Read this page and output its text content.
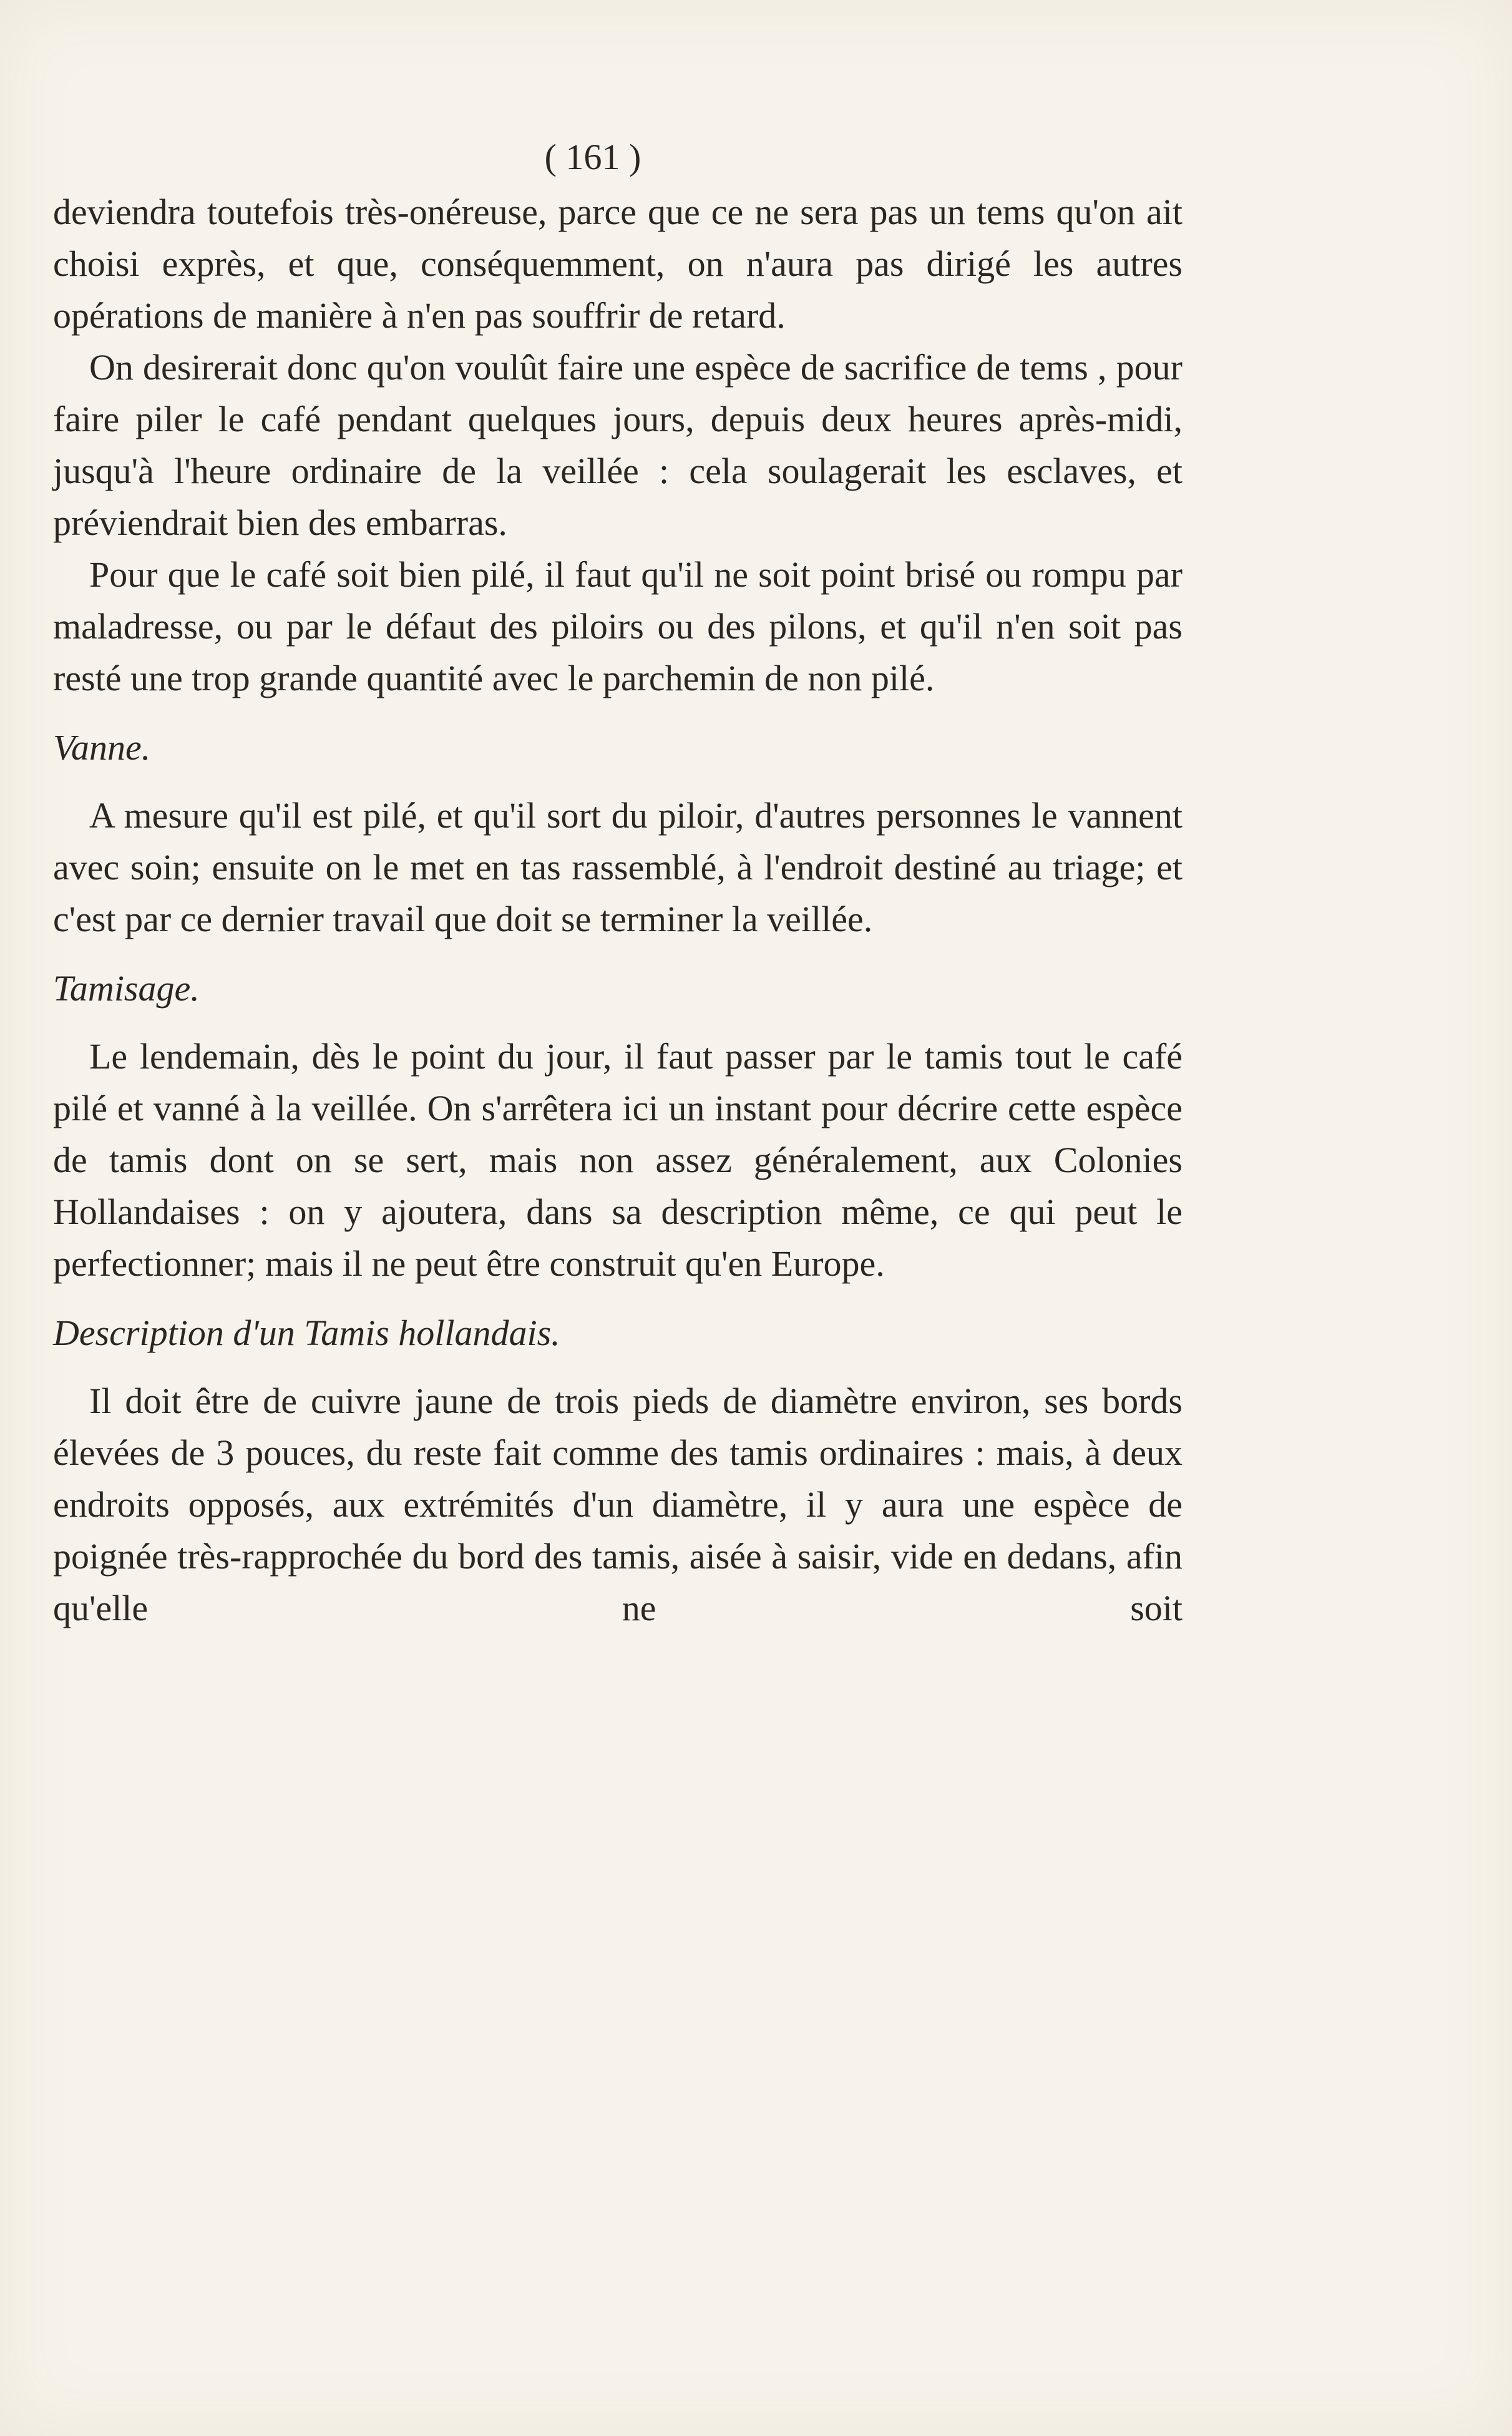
( 161 )

deviendra toutefois très-onéreuse, parce que ce ne sera pas un tems qu'on ait choisi exprès, et que, conséquemment, on n'aura pas dirigé les autres opérations de manière à n'en pas souffrir de retard.

On desirerait donc qu'on voulût faire une espèce de sacrifice de tems , pour faire piler le café pendant quelques jours, depuis deux heures après-midi, jusqu'à l'heure ordinaire de la veillée : cela soulagerait les esclaves, et préviendrait bien des embarras.

Pour que le café soit bien pilé, il faut qu'il ne soit point brisé ou rompu par maladresse, ou par le défaut des piloirs ou des pilons, et qu'il n'en soit pas resté une trop grande quantité avec le parchemin de non pilé.

Vanne.

A mesure qu'il est pilé, et qu'il sort du piloir, d'autres personnes le vannent avec soin; ensuite on le met en tas rassemblé, à l'endroit destiné au triage; et c'est par ce dernier travail que doit se terminer la veillée.

Tamisage.

Le lendemain, dès le point du jour, il faut passer par le tamis tout le café pilé et vanné à la veillée. On s'arrêtera ici un instant pour décrire cette espèce de tamis dont on se sert, mais non assez généralement, aux Colonies Hollandaises : on y ajoutera, dans sa description même, ce qui peut le perfectionner; mais il ne peut être construit qu'en Europe.

Description d'un Tamis hollandais.

Il doit être de cuivre jaune de trois pieds de diamètre environ, ses bords élevées de 3 pouces, du reste fait comme des tamis ordinaires : mais, à deux endroits opposés, aux extrémités d'un diamètre, il y aura une espèce de poignée très-rapprochée du bord des tamis, aisée à saisir, vide en dedans, afin qu'elle ne soit
